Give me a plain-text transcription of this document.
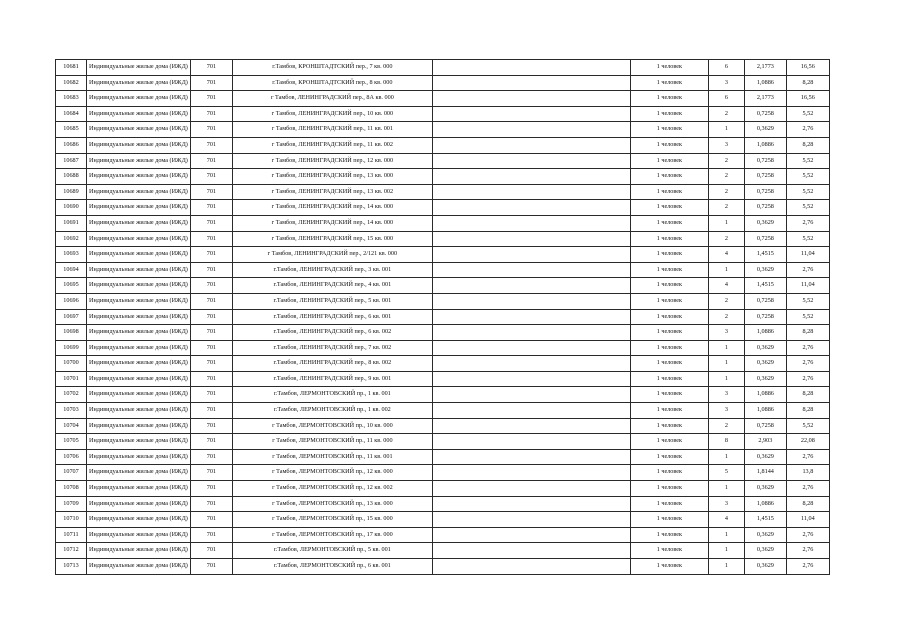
10681	Индивидуальные жилые дома (ИЖД)	701	г.Тамбов, КРОНШТАДТСКИЙ пер., 7 кв. 000		1 человек	6	2,1773	16,56
10682	Индивидуальные жилые дома (ИЖД)	701	г.Тамбов, КРОНШТАДТСКИЙ пер., 8 кв. 000		1 человек	3	1,0886	8,28
10683	Индивидуальные жилые дома (ИЖД)	701	г Тамбов, ЛЕНИНГРАДСКИЙ пер., 8А кв. 000		1 человек	6	2,1773	16,56
10684	Индивидуальные жилые дома (ИЖД)	701	г Тамбов, ЛЕНИНГРАДСКИЙ пер., 10 кв. 000		1 человек	2	0,7258	5,52
10685	Индивидуальные жилые дома (ИЖД)	701	г Тамбов, ЛЕНИНГРАДСКИЙ пер., 11 кв. 001		1 человек	1	0,3629	2,76
10686	Индивидуальные жилые дома (ИЖД)	701	г Тамбов, ЛЕНИНГРАДСКИЙ пер., 11 кв. 002		1 человек	3	1,0886	8,28
10687	Индивидуальные жилые дома (ИЖД)	701	г Тамбов, ЛЕНИНГРАДСКИЙ пер., 12 кв. 000		1 человек	2	0,7258	5,52
10688	Индивидуальные жилые дома (ИЖД)	701	г Тамбов, ЛЕНИНГРАДСКИЙ пер., 13 кв. 000		1 человек	2	0,7258	5,52
10689	Индивидуальные жилые дома (ИЖД)	701	г Тамбов, ЛЕНИНГРАДСКИЙ пер., 13 кв. 002		1 человек	2	0,7258	5,52
10690	Индивидуальные жилые дома (ИЖД)	701	г Тамбов, ЛЕНИНГРАДСКИЙ пер., 14 кв. 000		1 человек	2	0,7258	5,52
10691	Индивидуальные жилые дома (ИЖД)	701	г Тамбов, ЛЕНИНГРАДСКИЙ пер., 14 кв. 000		1 человек	1	0,3629	2,76
10692	Индивидуальные жилые дома (ИЖД)	701	г Тамбов, ЛЕНИНГРАДСКИЙ пер., 15 кв. 000		1 человек	2	0,7258	5,52
10693	Индивидуальные жилые дома (ИЖД)	701	г Тамбов, ЛЕНИНГРАДСКИЙ пер., 2/121 кв. 000		1 человек	4	1,4515	11,04
10694	Индивидуальные жилые дома (ИЖД)	701	г.Тамбов, ЛЕНИНГРАДСКИЙ пер., 3 кв. 001		1 человек	1	0,3629	2,76
10695	Индивидуальные жилые дома (ИЖД)	701	г.Тамбов, ЛЕНИНГРАДСКИЙ пер., 4 кв. 001		1 человек	4	1,4515	11,04
10696	Индивидуальные жилые дома (ИЖД)	701	г.Тамбов, ЛЕНИНГРАДСКИЙ пер., 5 кв. 001		1 человек	2	0,7258	5,52
10697	Индивидуальные жилые дома (ИЖД)	701	г.Тамбов, ЛЕНИНГРАДСКИЙ пер., 6 кв. 001		1 человек	2	0,7258	5,52
10698	Индивидуальные жилые дома (ИЖД)	701	г.Тамбов, ЛЕНИНГРАДСКИЙ пер., 6 кв. 002		1 человек	3	1,0886	8,28
10699	Индивидуальные жилые дома (ИЖД)	701	г.Тамбов, ЛЕНИНГРАДСКИЙ пер., 7 кв. 002		1 человек	1	0,3629	2,76
10700	Индивидуальные жилые дома (ИЖД)	701	г.Тамбов, ЛЕНИНГРАДСКИЙ пер., 8 кв. 002		1 человек	1	0,3629	2,76
10701	Индивидуальные жилые дома (ИЖД)	701	г.Тамбов, ЛЕНИНГРАДСКИЙ пер., 9 кв. 001		1 человек	1	0,3629	2,76
10702	Индивидуальные жилые дома (ИЖД)	701	г.Тамбов, ЛЕРМОНТОВСКИЙ пр., 1 кв. 001		1 человек	3	1,0886	8,28
10703	Индивидуальные жилые дома (ИЖД)	701	г.Тамбов, ЛЕРМОНТОВСКИЙ пр., 1 кв. 002		1 человек	3	1,0886	8,28
10704	Индивидуальные жилые дома (ИЖД)	701	г Тамбов, ЛЕРМОНТОВСКИЙ пр., 10 кв. 000		1 человек	2	0,7258	5,52
10705	Индивидуальные жилые дома (ИЖД)	701	г Тамбов, ЛЕРМОНТОВСКИЙ пр., 11 кв. 000		1 человек	8	2,903	22,08
10706	Индивидуальные жилые дома (ИЖД)	701	г Тамбов, ЛЕРМОНТОВСКИЙ пр., 11 кв. 001		1 человек	1	0,3629	2,76
10707	Индивидуальные жилые дома (ИЖД)	701	г Тамбов, ЛЕРМОНТОВСКИЙ пр., 12 кв. 000		1 человек	5	1,8144	13,8
10708	Индивидуальные жилые дома (ИЖД)	701	г Тамбов, ЛЕРМОНТОВСКИЙ пр., 12 кв. 002		1 человек	1	0,3629	2,76
10709	Индивидуальные жилые дома (ИЖД)	701	г Тамбов, ЛЕРМОНТОВСКИЙ пр., 13 кв. 000		1 человек	3	1,0886	8,28
10710	Индивидуальные жилые дома (ИЖД)	701	г Тамбов, ЛЕРМОНТОВСКИЙ пр., 15 кв. 000		1 человек	4	1,4515	11,04
10711	Индивидуальные жилые дома (ИЖД)	701	г Тамбов, ЛЕРМОНТОВСКИЙ пр., 17 кв. 000		1 человек	1	0,3629	2,76
10712	Индивидуальные жилые дома (ИЖД)	701	г.Тамбов, ЛЕРМОНТОВСКИЙ пр., 5 кв. 001		1 человек	1	0,3629	2,76
10713	Индивидуальные жилые дома (ИЖД)	701	г.Тамбов, ЛЕРМОНТОВСКИЙ пр., 6 кв. 001		1 человек	1	0,3629	2,76
